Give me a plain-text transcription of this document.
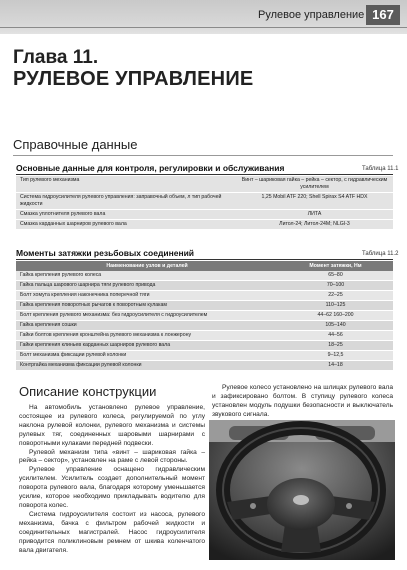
Рулевое управление 167
Глава 11.
РУЛЕВОЕ УПРАВЛЕНИЕ
Справочные данные
Таблица 11.1
Основные данные для контроля, регулировки и обслуживания
Тип рулевого механизма	Винт – шариковая гайка – рейка – сектор, с гидравлическим усилителем

Система гидроусилителя рулевого управления: заправочный объем, л тип рабочей жидкости	1,25 Mobil ATF 220; Shell Spirax S4 ATF HDX

Смазка уплотнителя рулевого вала	ЛИТА

Смазка карданных шарниров рулевого вала	Литол-24; Литол-24М; NLGI-3
Таблица 11.2
Моменты затяжки резьбовых соединений
Наименование узлов и деталей	Момент затяжки, Нм
Гайка крепления рулевого колеса	65–80
Гайка пальца шарового шарнира тяги рулевого привода	70–100
Болт хомута крепления наконечника поперечной тяги	22–25
Гайка крепления поворотных рычагов к поворотным кулакам	110–125
Болт крепления рулевого механизма: без гидроусилителя с гидроусилителем	44–62 160–200
Гайка крепления сошки	105–140
Гайки болтов крепления кронштейна рулевого механизма к лонжерону	44–56
Гайки крепления клиньев карданных шарниров рулевого вала	18–25
Болт механизма фиксации рулевой колонки	9–12,5
Контргайка механизма фиксации рулевой колонки	14–18
Описание конструкции

На автомобиль установлено рулевое управление, состоящее из рулевого колеса, регулируемой по углу наклона рулевой колонки, рулевого механизма и системы рулевых тяг, соединенных шаровыми шарнирами с поворотными кулаками передней подвески.

Рулевой механизм типа «винт – шариковая гайка – рейка – сектор», установлен на раме с левой стороны.

Рулевое управление оснащено гидравлическим усилителем. Усилитель создает дополнительный момент поворота рулевого вала, благодаря которому уменьшается усилие, которое необходимо прикладывать водителю для поворота колес.

Система гидроусилителя состоит из насоса, рулевого механизма, бачка с фильтром рабочей жидкости и соединительных магистралей. Насос гидроусилителя приводится поликлиновым ремнем от шкива коленчатого вала двигателя.

Рулевое колесо установлено на шлицах рулевого вала и зафиксировано болтом. В ступицу рулевого колеса установлен модуль подушки безопасности и выключатель звукового сигнала.
